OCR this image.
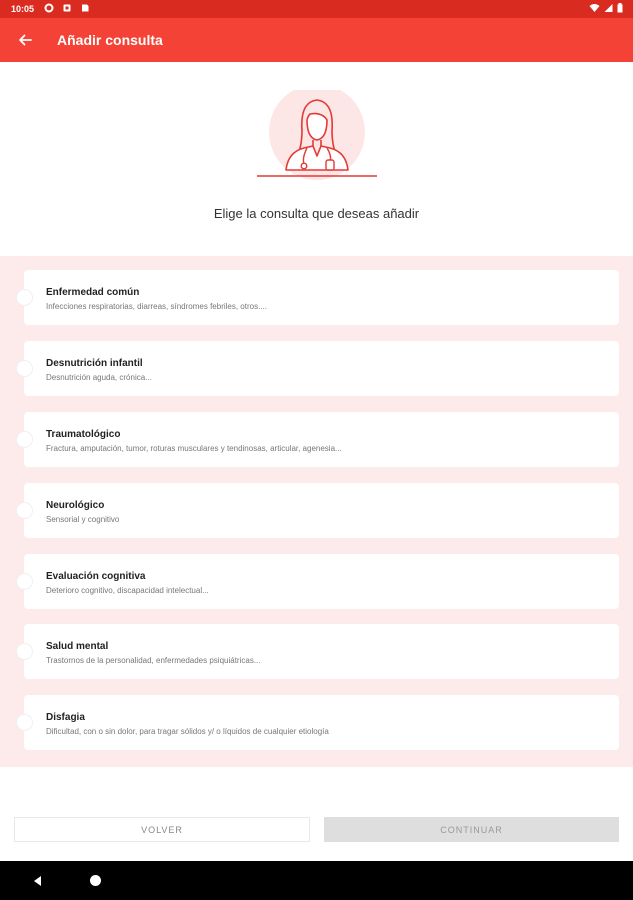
10:05
Añadir consulta
Elige la consulta que deseas añadir
Enfermedad común
Infecciones respiratorias, diarreas, síndromes febriles, otros....
Desnutrición infantil
Desnutrición aguda, crónica...
Traumatológico
Fractura, amputación, tumor, roturas musculares y tendinosas, articular, agenesia...
Neurológico
Sensorial y cognitivo
Evaluación cognitiva
Deterioro cognitivo, discapacidad intelectual...
Salud mental
Trastornos de la personalidad, enfermedades psiquiátricas...
Disfagia
Dificultad, con o sin dolor, para tragar sólidos y/ o líquidos de cualquier etiología
VOLVER	CONTINUAR
